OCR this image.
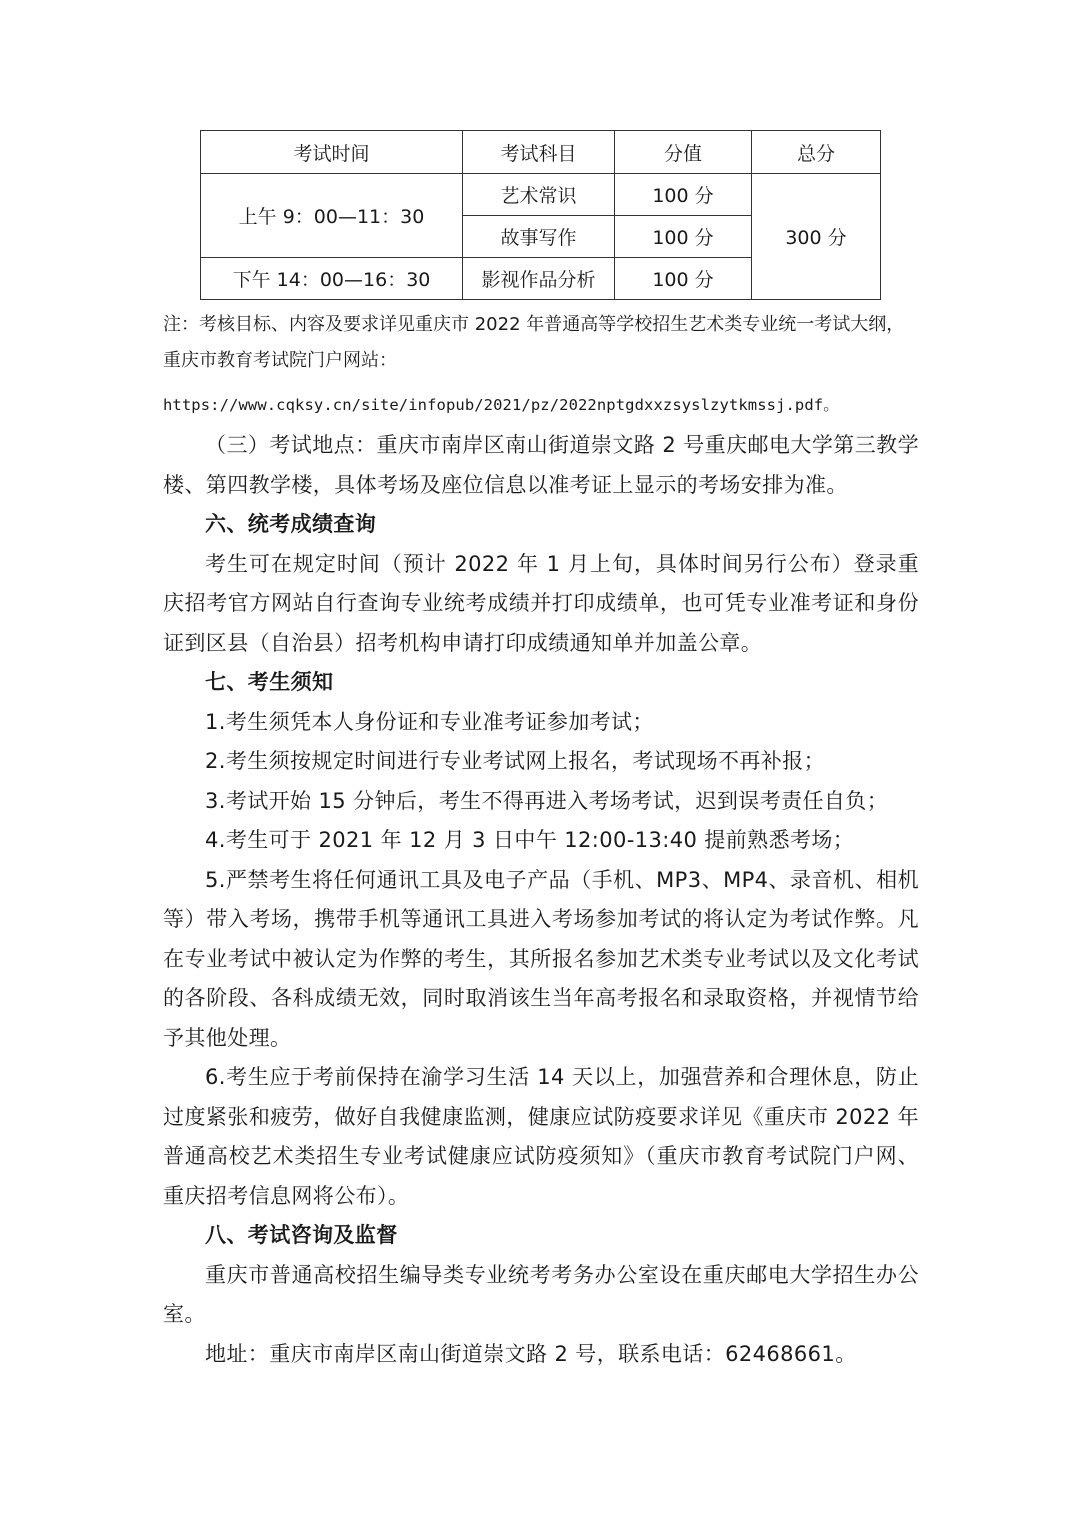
考试时间	考试科目	分值	总分
上午 9：00—11：30	艺术常识	100 分	300 分
	故事写作	100 分	
下午 14：00—16：30	影视作品分析	100 分	
注：考核目标、内容及要求详见重庆市 2022 年普通高等学校招生艺术类专业统一考试大纲，
重庆市教育考试院门户网站：
https://www.cqksy.cn/site/infopub/2021/pz/2022nptgdxxzsyslzytkmssj.pdf。

（三）考试地点：重庆市南岸区南山街道崇文路 2 号重庆邮电大学第三教学楼、第四教学楼，具体考场及座位信息以准考证上显示的考场安排为准。

六、统考成绩查询

考生可在规定时间（预计 2022 年 1 月上旬，具体时间另行公布）登录重庆招考官方网站自行查询专业统考成绩并打印成绩单，也可凭专业准考证和身份证到区县（自治县）招考机构申请打印成绩通知单并加盖公章。

七、考生须知

1.考生须凭本人身份证和专业准考证参加考试；

2.考生须按规定时间进行专业考试网上报名，考试现场不再补报；

3.考试开始 15 分钟后，考生不得再进入考场考试，迟到误考责任自负；

4.考生可于 2021 年 12 月 3 日中午 12:00-13:40 提前熟悉考场；

5.严禁考生将任何通讯工具及电子产品（手机、MP3、MP4、录音机、相机等）带入考场，携带手机等通讯工具进入考场参加考试的将认定为考试作弊。凡在专业考试中被认定为作弊的考生，其所报名参加艺术类专业考试以及文化考试的各阶段、各科成绩无效，同时取消该生当年高考报名和录取资格，并视情节给予其他处理。

6.考生应于考前保持在渝学习生活 14 天以上，加强营养和合理休息，防止过度紧张和疲劳，做好自我健康监测，健康应试防疫要求详见《重庆市 2022 年普通高校艺术类招生专业考试健康应试防疫须知》（重庆市教育考试院门户网、重庆招考信息网将公布）。

八、考试咨询及监督

重庆市普通高校招生编导类专业统考考务办公室设在重庆邮电大学招生办公室。

地址：重庆市南岸区南山街道崇文路 2 号，联系电话：62468661。
